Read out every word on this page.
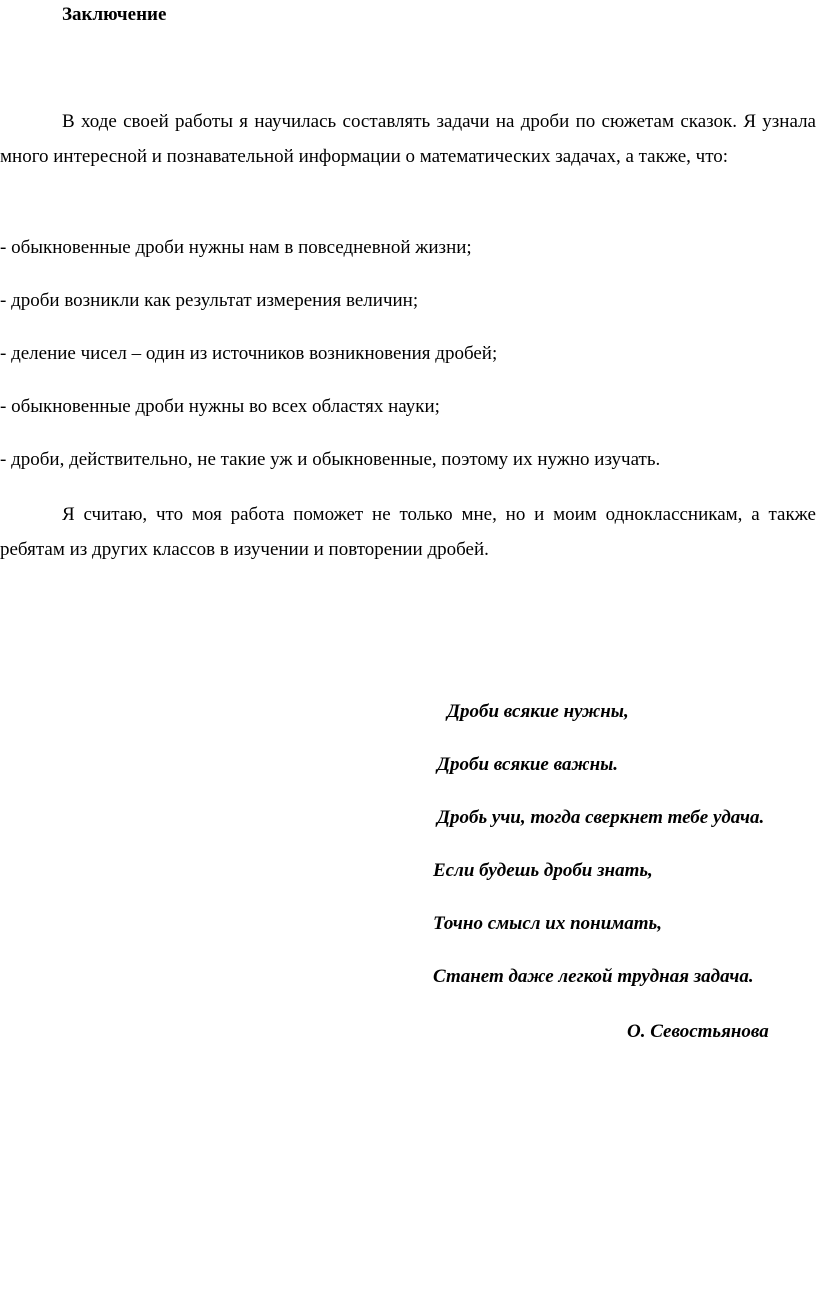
Заключение

В ходе своей работы я научилась составлять задачи на дроби по сюжетам сказок. Я узнала много интересной и познавательной информации о математических задачах, а также, что:

- обыкновенные дроби нужны нам в повседневной жизни;

- дроби возникли как результат измерения величин;

- деление чисел – один из источников возникновения дробей;

- обыкновенные дроби нужны во всех областях науки;

- дроби, действительно, не такие уж и обыкновенные, поэтому их нужно изучать.

Я считаю, что моя работа поможет не только мне, но и моим одноклассникам, а также ребятам из других классов в изучении и повторении дробей.

Дроби всякие нужны,

Дроби всякие важны.

Дробь учи, тогда сверкнет тебе удача.

Если будешь дроби знать,

Точно смысл их понимать,

Станет даже легкой трудная задача.

О. Севостьянова
